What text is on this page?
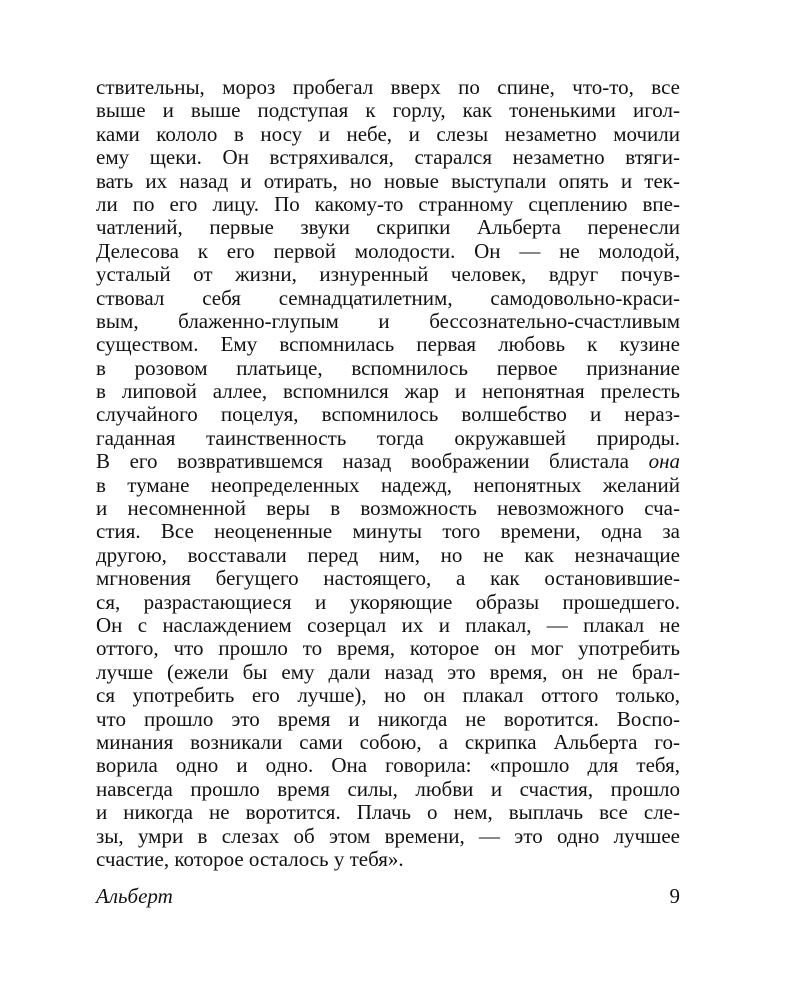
ствительны, мороз пробегал вверх по спине, что-то, все
выше и выше подступая к горлу, как тоненькими игол-
ками кололо в носу и небе, и слезы незаметно мочили
ему щеки. Он встряхивался, старался незаметно втяги-
вать их назад и отирать, но новые выступали опять и тек-
ли по его лицу. По какому-то странному сцеплению впе-
чатлений, первые звуки скрипки Альберта перенесли
Делесова к его первой молодости. Он — не молодой,
усталый от жизни, изнуренный человек, вдруг почув-
ствовал себя семнадцатилетним, самодовольно-краси-
вым, блаженно-глупым и бессознательно-счастливым
существом. Ему вспомнилась первая любовь к кузине
в розовом платьице, вспомнилось первое признание
в липовой аллее, вспомнился жар и непонятная прелесть
случайного поцелуя, вспомнилось волшебство и нераз-
гаданная таинственность тогда окружавшей природы.
В его возвратившемся назад воображении блистала она
в тумане неопределенных надежд, непонятных желаний
и несомненной веры в возможность невозможного сча-
стия. Все неоцененные минуты того времени, одна за
другою, восставали перед ним, но не как незначащие
мгновения бегущего настоящего, а как остановившие-
ся, разрастающиеся и укоряющие образы прошедшего.
Он с наслаждением созерцал их и плакал, — плакал не
оттого, что прошло то время, которое он мог употребить
лучше (ежели бы ему дали назад это время, он не брал-
ся употребить его лучше), но он плакал оттого только,
что прошло это время и никогда не воротится. Воспо-
минания возникали сами собою, а скрипка Альберта го-
ворила одно и одно. Она говорила: «прошло для тебя,
навсегда прошло время силы, любви и счастия, прошло
и никогда не воротится. Плачь о нем, выплачь все сле-
зы, умри в слезах об этом времени, — это одно лучшее
счастие, которое осталось у тебя».
Альберт	9
